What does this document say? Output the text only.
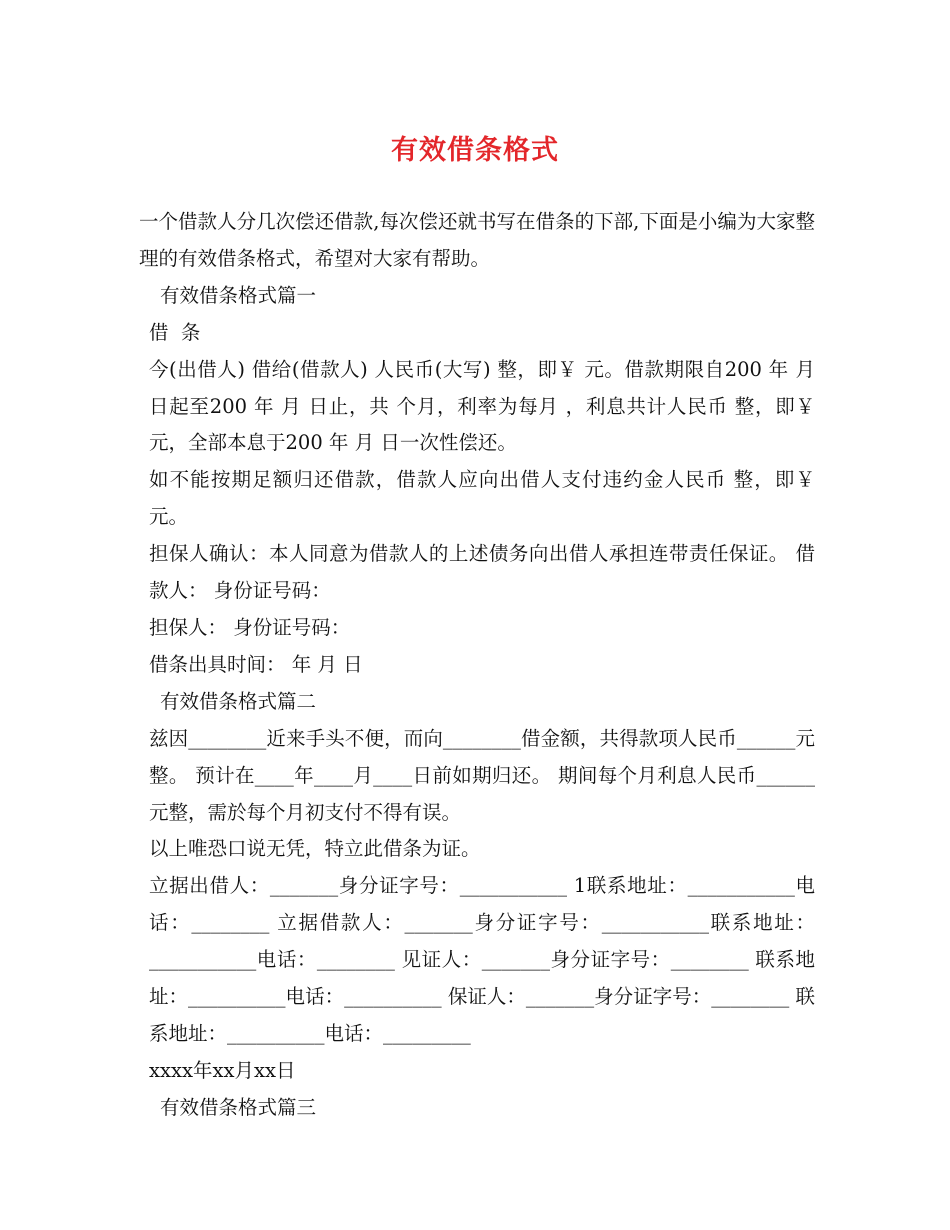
有效借条格式

一个借款人分几次偿还借款,每次偿还就书写在借条的下部,下面是小编为大家整理的有效借条格式，希望对大家有帮助。

有效借条格式篇一

借  条

今(出借人) 借给(借款人) 人民币(大写) 整，即￥ 元。借款期限自200 年 月 日起至200 年 月 日止，共 个月，利率为每月 ，利息共计人民币 整，即￥ 元，全部本息于200 年 月 日一次性偿还。

如不能按期足额归还借款，借款人应向出借人支付违约金人民币 整，即￥ 元。

担保人确认：本人同意为借款人的上述债务向出借人承担连带责任保证。 借款人： 身份证号码：

担保人： 身份证号码：

借条出具时间： 年 月 日

有效借条格式篇二

兹因________近来手头不便，而向________借金额，共得款项人民币______元整。 预计在____年____月____日前如期归还。 期间每个月利息人民币______元整，需於每个月初支付不得有误。

以上唯恐口说无凭，特立此借条为证。

立据出借人：_______身分证字号：___________ 1联系地址：___________电话：________ 立据借款人：_______身分证字号：___________联系地址：___________电话：________ 见证人：_______身分证字号：________ 联系地址：__________电话：__________ 保证人：_______身分证字号：________ 联系地址：__________电话：_________

xxxx年xx月xx日

有效借条格式篇三
